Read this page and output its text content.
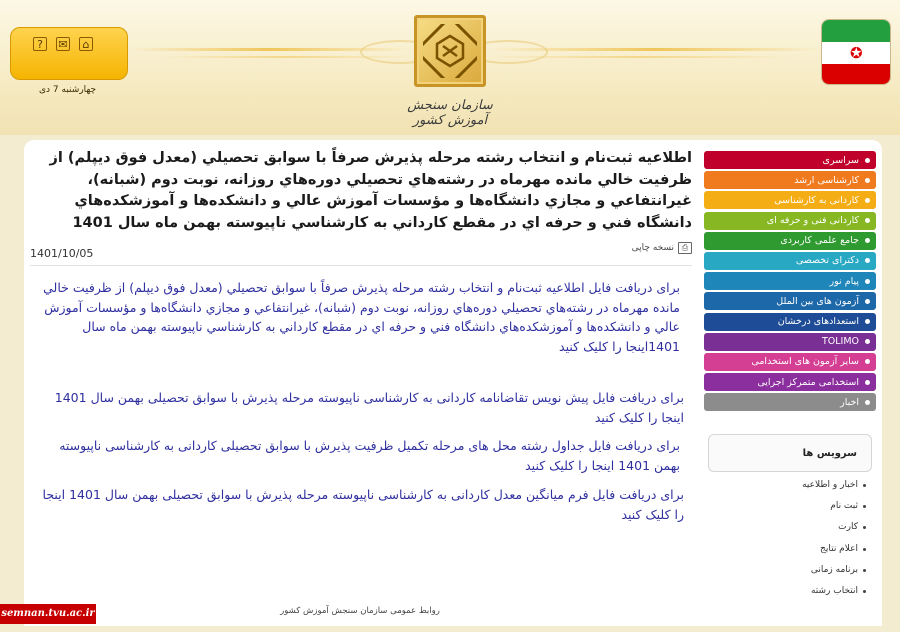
سازمان سنجش آموزش کشور
?	✉	⌂
چهارشنبه 7 دی
✪
اطلاعيه ثبت‌نام و انتخاب رشته مرحله پذيرش صرفاً با سوابق تحصيلي (معدل فوق ديپلم) از ظرفيت خالي مانده مهرماه در رشته‌هاي تحصيلي دوره‌هاي روزانه، نوبت دوم (شبانه)، غيرانتفاعي و مجازي دانشگاه‌ها و مؤسسات آموزش عالي و دانشكده‌ها و آموزشكده‌هاي دانشگاه فني و حرفه اي در مقطع كارداني به كارشناسي ناپيوسته بهمن ماه سال 1401
⎙
نسخه چاپی
1401/10/05
برای دریافت فایل اطلاعیه ثبت‌نام و انتخاب رشته مرحله پذيرش صرفاً با سوابق تحصيلي (معدل فوق ديپلم) از ظرفيت خالي مانده مهرماه در رشته‌هاي تحصيلي دوره‌هاي روزانه، نوبت دوم (شبانه)، غيرانتفاعي و مجازي دانشگاه‌ها و مؤسسات آموزش عالي و دانشكده‌ها و آموزشكده‌هاي دانشگاه فني و حرفه اي در مقطع كارداني به كارشناسي ناپيوسته بهمن ماه سال 1401اینجا را کلیک کنید
برای دریافت فایل پیش نویس تقاضانامه کاردانی به کارشناسی ناپیوسته مرحله پذیرش با سوابق تحصیلی بهمن سال 1401 اینجا را کلیک کنید
برای دریافت فایل جداول رشته محل های مرحله تکمیل ظرفیت پذیرش با سوابق تحصیلی کاردانی به کارشناسی ناپیوسته بهمن 1401 اینجا را کلیک کنید
برای دریافت فایل فرم میانگین معدل کاردانی به کارشناسی ناپیوسته مرحله پذیرش با سوابق تحصیلی بهمن سال 1401 اینجا را کلیک کنید
روابط عمومی سازمان سنجش آموزش کشور
سراسری
کارشناسی ارشد
کاردانی به کارشناسی
کاردانی فنی و حرفه ای
جامع علمی کاربردی
دکترای تخصصی
پیام نور
آزمون های بین الملل
استعدادهای درخشان
TOLIMO
سایر آزمون های استخدامی
استخدامی متمرکز اجرایی
اخبار
سرویس ها
اخبار و اطلاعیه
ثبت نام
کارت
اعلام نتایج
برنامه زمانی
انتخاب رشته
semnan.tvu.ac.ir
